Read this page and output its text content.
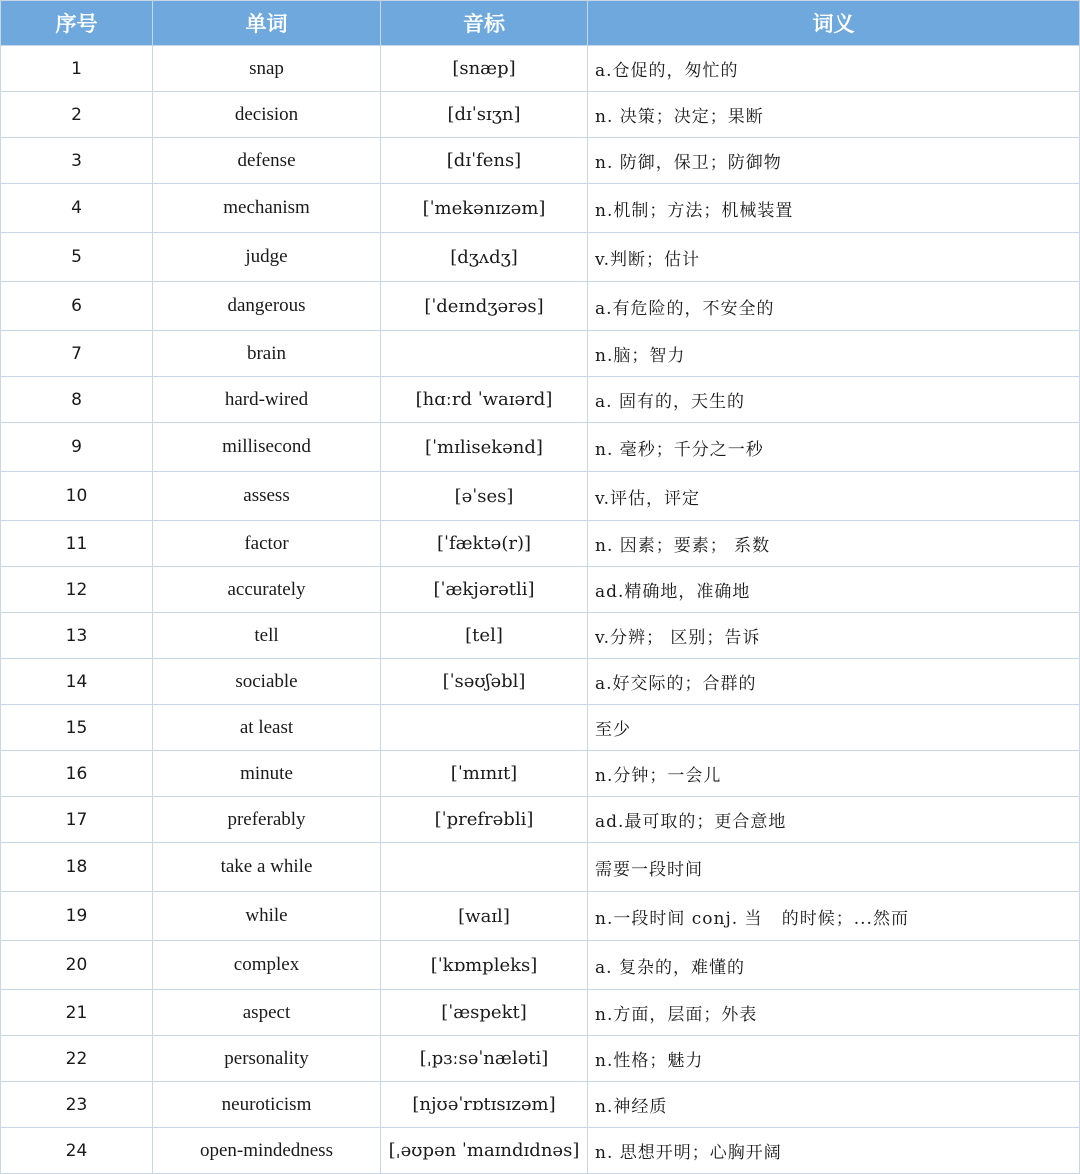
序号	单词	音标	词义
1	snap	[snæp]	a.仓促的，匆忙的
2	decision	[dɪˈsɪʒn]	n. 决策；决定；果断
3	defense	[dɪˈfens]	n. 防御，保卫；防御物
4	mechanism	[ˈmekənɪzəm]	n.机制；方法；机械装置
5	judge	[dʒʌdʒ]	v.判断；估计
6	dangerous	[ˈdeɪndʒərəs]	a.有危险的，不安全的
7	brain		n.脑；智力
8	hard-wired	[hɑːrd ˈwaɪərd]	a. 固有的，天生的
9	millisecond	[ˈmɪlisekənd]	n. 毫秒；千分之一秒
10	assess	[əˈses]	v.评估，评定
11	factor	[ˈfæktə(r)]	n. 因素；要素； 系数
12	accurately	[ˈækjərətli]	ad.精确地，准确地
13	tell	[tel]	v.分辨； 区别；告诉
14	sociable	[ˈsəʊʃəbl]	a.好交际的；合群的
15	at least		至少
16	minute	[ˈmɪnɪt]	n.分钟；一会儿
17	preferably	[ˈprefrəbli]	ad.最可取的；更合意地
18	take a while		需要一段时间
19	while	[waɪl]	n.一段时间 conj. 当   的时候；...然而
20	complex	[ˈkɒmpleks]	a. 复杂的，难懂的
21	aspect	[ˈæspekt]	n.方面，层面；外表
22	personality	[ˌpɜːsəˈnæləti]	n.性格；魅力
23	neuroticism	[njʊəˈrɒtɪsɪzəm]	n.神经质
24	open-mindedness	[ˌəʊpən ˈmaɪndɪdnəs]	n. 思想开明；心胸开阔
